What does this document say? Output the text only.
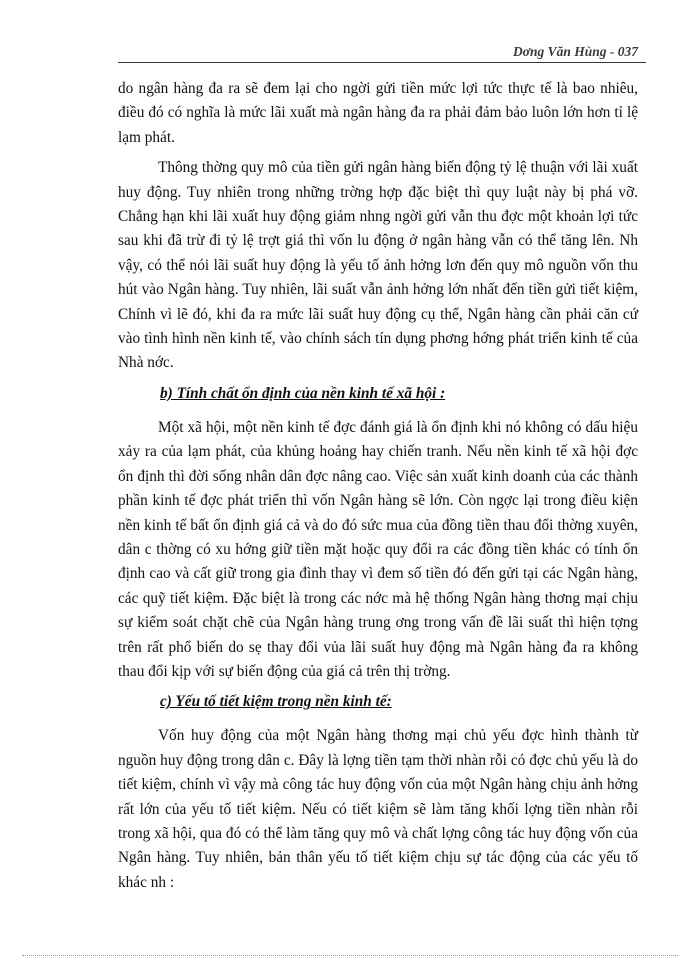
Dơng Văn Hùng - 037

do ngân hàng đa ra sẽ đem lại cho ngời gửi tiền mức lợi tức thực tế là bao nhiêu, điều đó có nghĩa là mức lãi xuất mà ngân hàng đa ra phải đảm bảo luôn lớn hơn tỉ lệ lạm phát.

Thông thờng quy mô của tiền gửi ngân hàng biến động tỷ lệ thuận với lãi xuất huy động. Tuy nhiên trong những trờng hợp đặc biệt thì quy luật này bị phá vỡ. Chẳng hạn khi lãi xuất huy động giảm nhng ngời gửi vẫn thu đợc một khoản lợi tức sau khi đã trừ đi tỷ lệ trợt giá thì vốn lu động ở ngân hàng vẫn có thể tăng lên. Nh vậy, có thể nói lãi suất huy động là yếu tố ảnh hởng lơn đến quy mô nguồn vốn thu hút vào Ngân hàng. Tuy nhiên, lãi suất vẫn ảnh hởng lớn nhất đến tiền gửi tiết kiệm, Chính vì lẽ đó, khi đa ra mức lãi suất huy động cụ thể, Ngân hàng cần phải căn cứ vào tình hình nền kinh tế, vào chính sách tín dụng phơng hớng phát triển kinh tế của Nhà nớc.

b) Tính chất ổn định của nền kinh tế xã hội :

Một xã hội, một nền kinh tế đợc đánh giá là ổn định khi nó không có dấu hiệu xảy ra của lạm phát, của khủng hoảng hay chiến tranh. Nếu nền kinh tế xã hội đợc ổn định thì đời sống nhân dân đợc nâng cao. Việc sản xuất kinh doanh của các thành phần kinh tế đợc phát triển thì vốn Ngân hàng sẽ lớn. Còn ngợc lại trong điều kiện nền kinh tế bất ổn định giá cả và do đó sức mua của đồng tiền thau đổi thờng xuyên, dân c thờng có xu hớng giữ tiền mặt hoặc quy đổi ra các đồng tiền khác có tính ổn định cao và cất giữ trong gia đình thay vì đem số tiền đó đến gửi tại các Ngân hàng, các quỹ tiết kiệm. Đặc biệt là trong các nớc mà hệ thống Ngân hàng thơng mại chịu sự kiểm soát chặt chẽ của Ngân hàng trung ơng trong vấn đề lãi suất thì hiện tợng trên rất phổ biến do sẹ thay đổi vủa lãi suất huy động mà Ngân hàng đa ra không thau đổi kịp với sự biến động của giá cả trên thị trờng.

c) Yếu tố tiết kiệm trong nền kinh tế:

Vốn huy động của một Ngân hàng thơng mại chủ yếu đợc hình thành từ nguồn huy động trong dân c. Đây là lợng tiền tạm thời nhàn rỗi có đợc chủ yếu là do tiết kiệm, chính vì vậy mà công tác huy động vốn của một Ngân hàng chịu ảnh hởng rất lớn của yếu tố tiết kiệm. Nếu có tiết kiệm sẽ làm tăng khối lợng tiền nhàn rỗi trong xã hội, qua đó có thể làm tăng quy mô và chất lợng công tác huy động vốn của Ngân hàng. Tuy nhiên, bản thân yếu tố tiết kiệm chịu sự tác động của các yếu tố khác nh :
